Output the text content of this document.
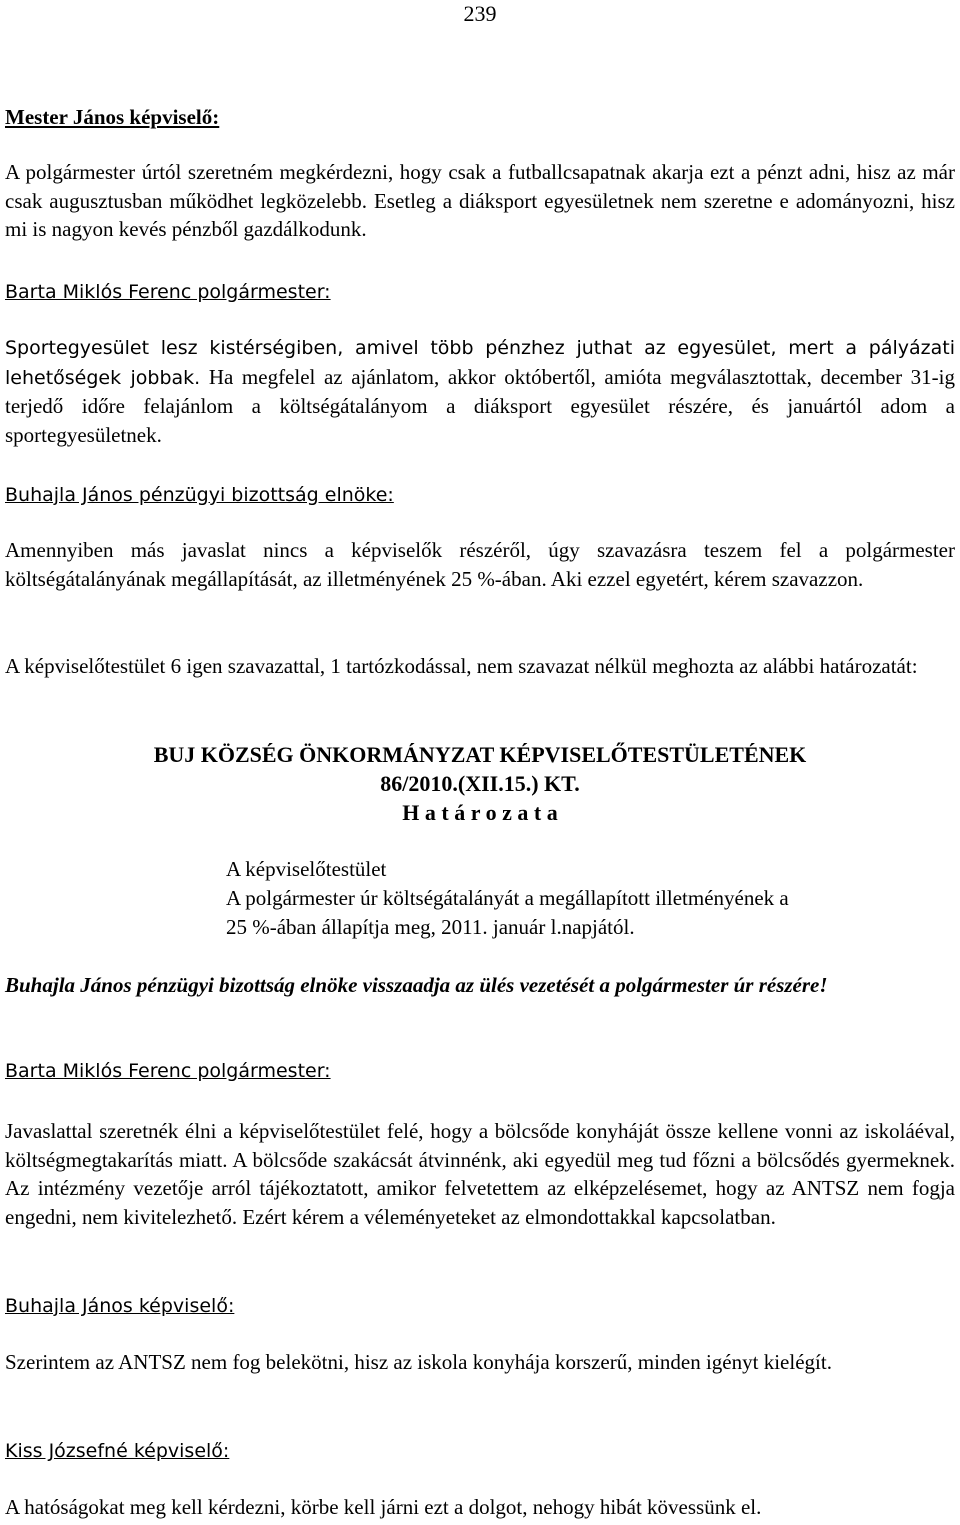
239
Mester János képviselő:
A polgármester úrtól szeretném megkérdezni, hogy csak a futballcsapatnak akarja ezt a pénzt adni, hisz az már csak augusztusban működhet legközelebb. Esetleg a diáksport egyesületnek nem szeretne e adományozni, hisz mi is nagyon kevés pénzből gazdálkodunk.
Barta Miklós Ferenc polgármester:
Sportegyesület lesz kistérségiben, amivel több pénzhez juthat az egyesület, mert a pályázati lehetőségek jobbak. Ha megfelel az ajánlatom, akkor októbertől, amióta megválasztottak, december 31-ig terjedő időre felajánlom a költségátalányom a diáksport egyesület részére, és januártól adom a sportegyesületnek.
Buhajla János pénzügyi bizottság elnöke:
Amennyiben más javaslat nincs a képviselők részéről, úgy szavazásra teszem fel a polgármester költségátalányának megállapítását, az illetményének 25 %-ában. Aki ezzel egyetért, kérem szavazzon.
A képviselőtestület 6 igen szavazattal, 1 tartózkodással, nem szavazat nélkül meghozta az alábbi határozatát:
BUJ KÖZSÉG ÖNKORMÁNYZAT KÉPVISELŐTESTÜLETÉNEK
86/2010.(XII.15.) KT.
H a t á r o z a t a
A képviselőtestület
A polgármester úr költségátalányát a megállapított illetményének a
25 %-ában állapítja meg, 2011. január l.napjától.
Buhajla János pénzügyi bizottság elnöke visszaadja az ülés vezetését a polgármester úr részére!
Barta Miklós Ferenc polgármester:
Javaslattal szeretnék élni a képviselőtestület felé, hogy a bölcsőde konyháját össze kellene vonni az iskoláéval, költségmegtakarítás miatt. A bölcsőde szakácsát átvinnénk, aki egyedül meg tud főzni a bölcsődés gyermeknek. Az intézmény vezetője arról tájékoztatott, amikor felvetettem az elképzelésemet, hogy az ANTSZ nem fogja engedni, nem kivitelezhető. Ezért kérem a véleményeteket az elmondottakkal kapcsolatban.
Buhajla János képviselő:
Szerintem az ANTSZ nem fog belekötni, hisz az iskola konyhája korszerű, minden igényt kielégít.
Kiss Józsefné képviselő:
A hatóságokat meg kell kérdezni, körbe kell járni ezt a dolgot, nehogy hibát kövessünk el.
